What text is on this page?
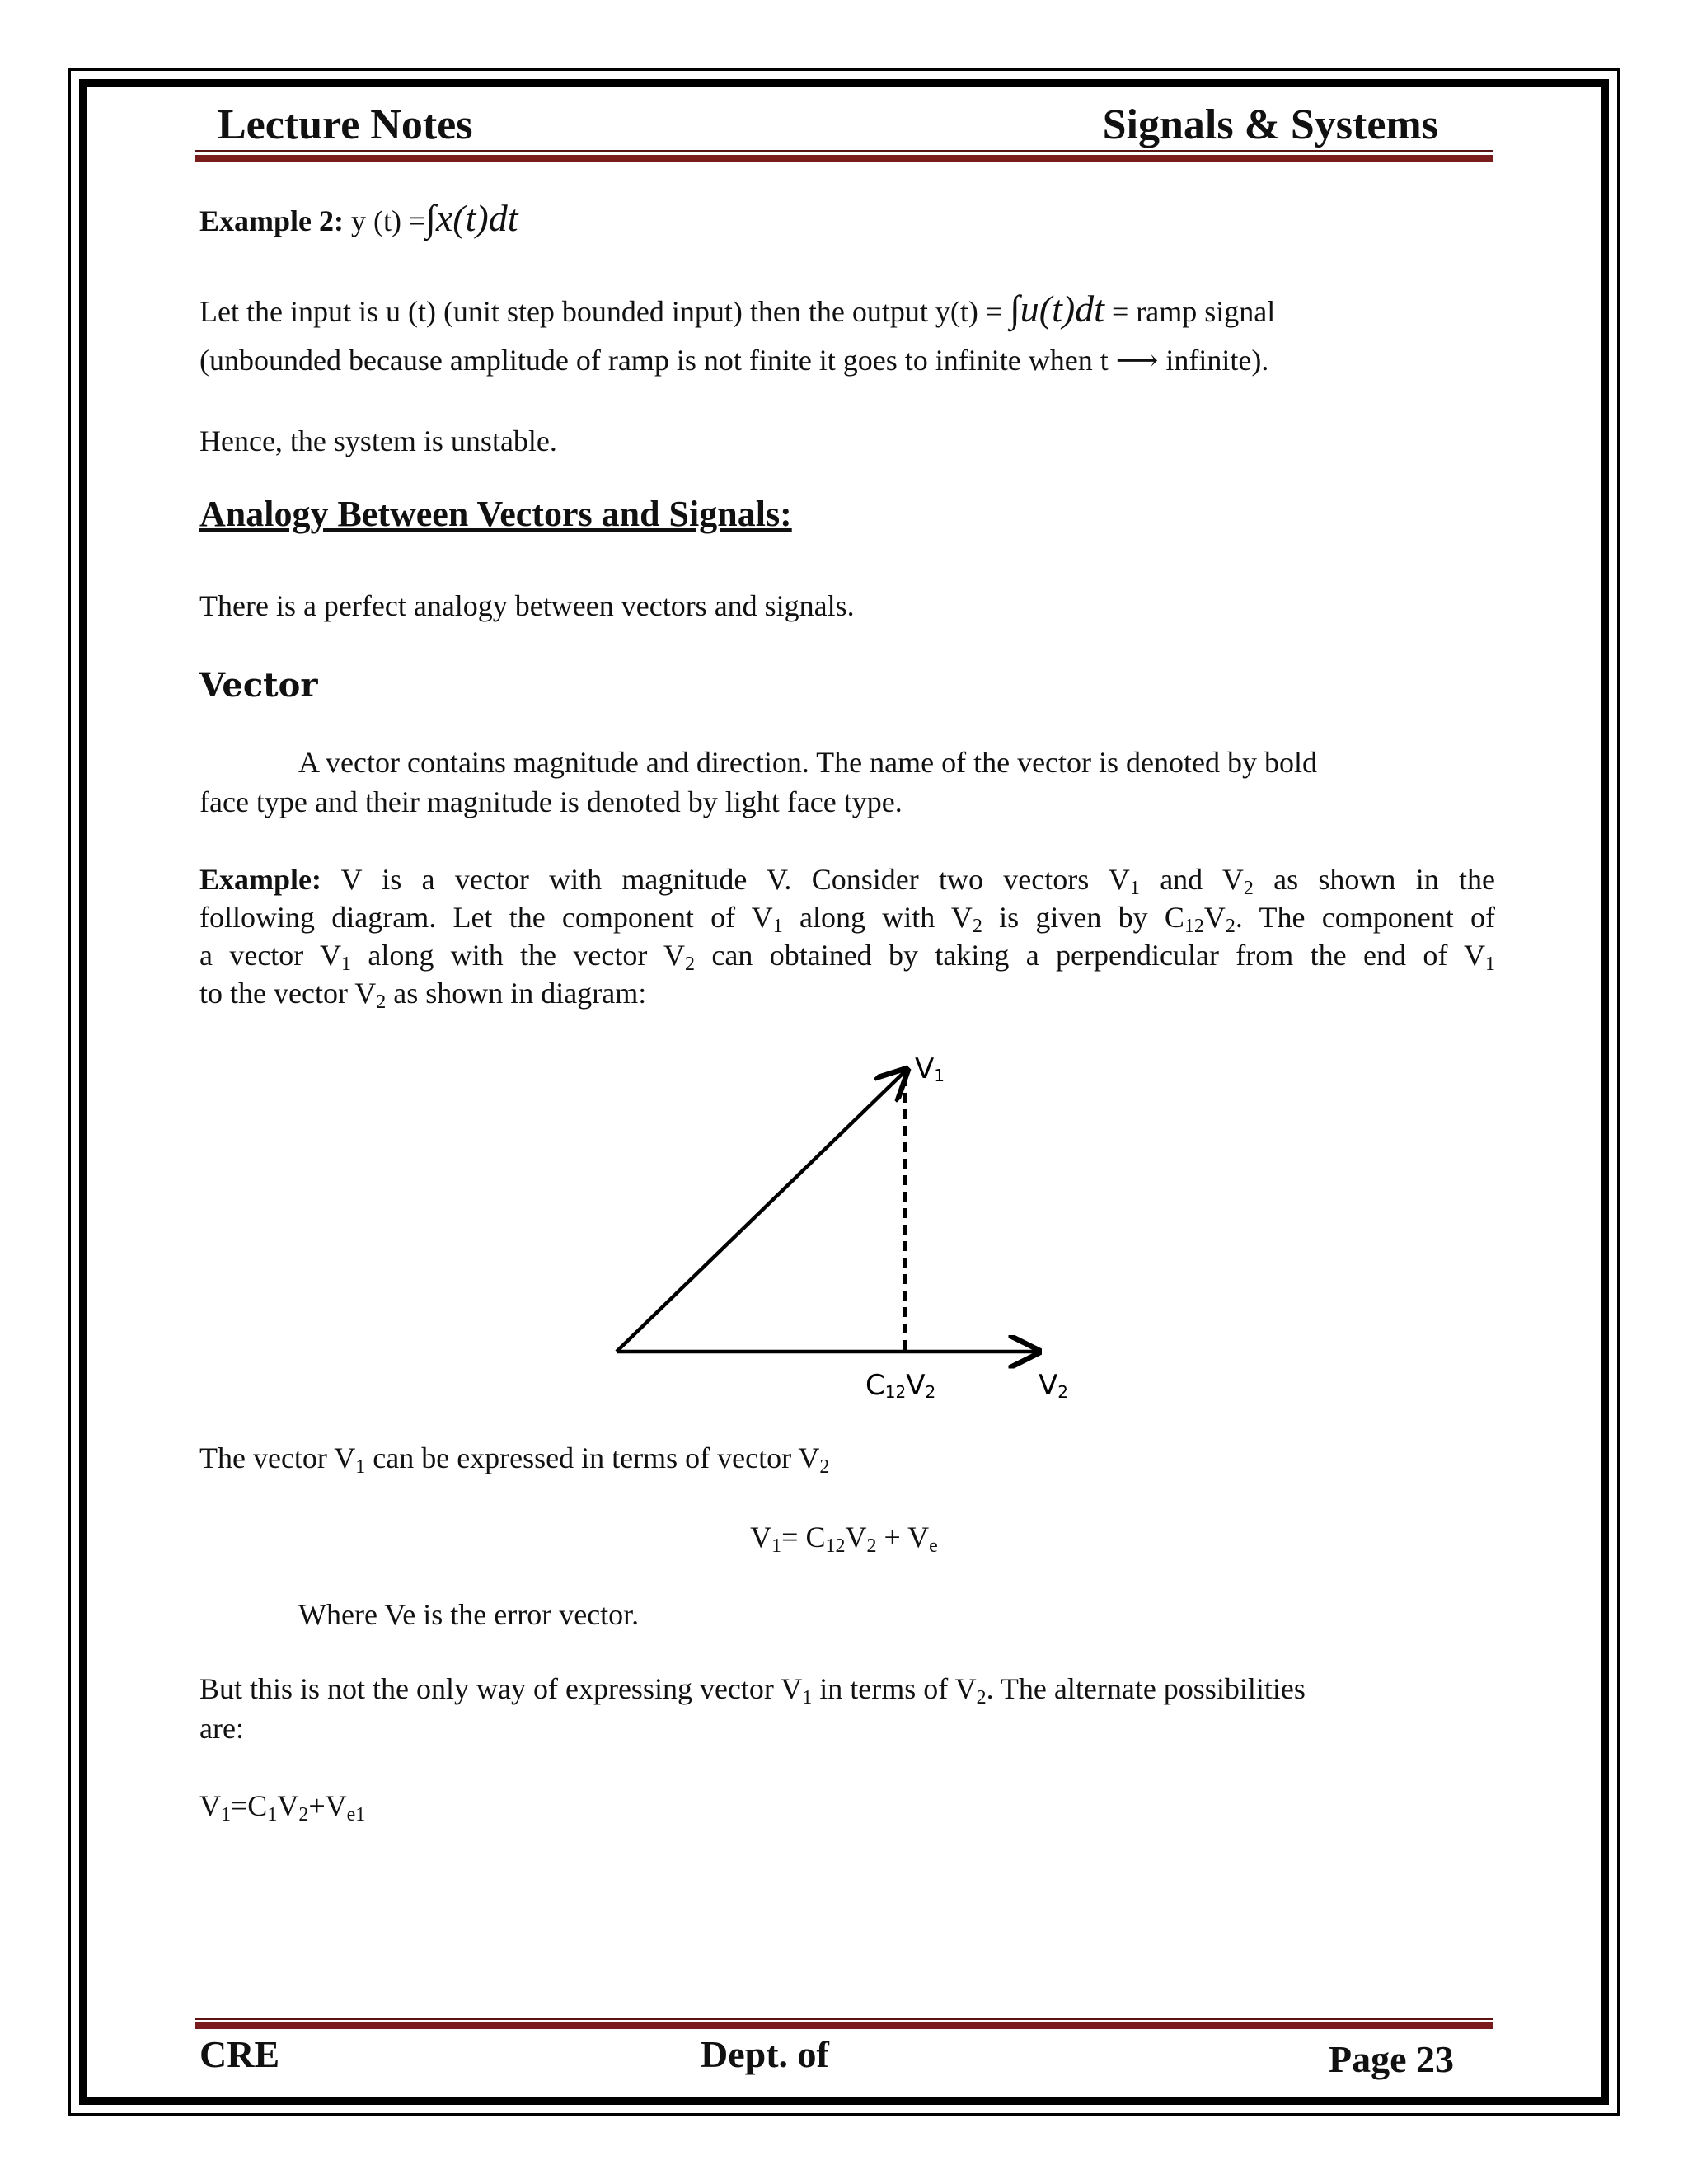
Lecture Notes	Signals & Systems
Example 2: y (t) =∫x(t)dt
Let the input is u (t) (unit step bounded input) then the output y(t) = ∫u(t)dt = ramp signal
(unbounded because amplitude of ramp is not finite it goes to infinite when t ⟶ infinite).
Hence, the system is unstable.
Analogy Between Vectors and Signals:
There is a perfect analogy between vectors and signals.
Vector
A vector contains magnitude and direction. The name of the vector is denoted by bold
face type and their magnitude is denoted by light face type.
Example: V is a vector with magnitude V. Consider two vectors $V_1$ and $V_2$ as shown in the
following diagram. Let the component of $V_1$ along with $V_2$ is given by $C_{12}V_2$. The component of
a vector $V_1$ along with the vector $V_2$ can obtained by taking a perpendicular from the end of $V_1$
to the vector $V_2$ as shown in diagram:
V1
C12V2	V2
The vector $V_1$ can be expressed in terms of vector $V_2$
$V_1= C_{12}V_2 + V_e$
Where Ve is the error vector.
But this is not the only way of expressing vector $V_1$ in terms of $V_2$. The alternate possibilities
are:
$V_1=C_1V_2+V_{e1}$
CRE	Dept. of	Page 23
